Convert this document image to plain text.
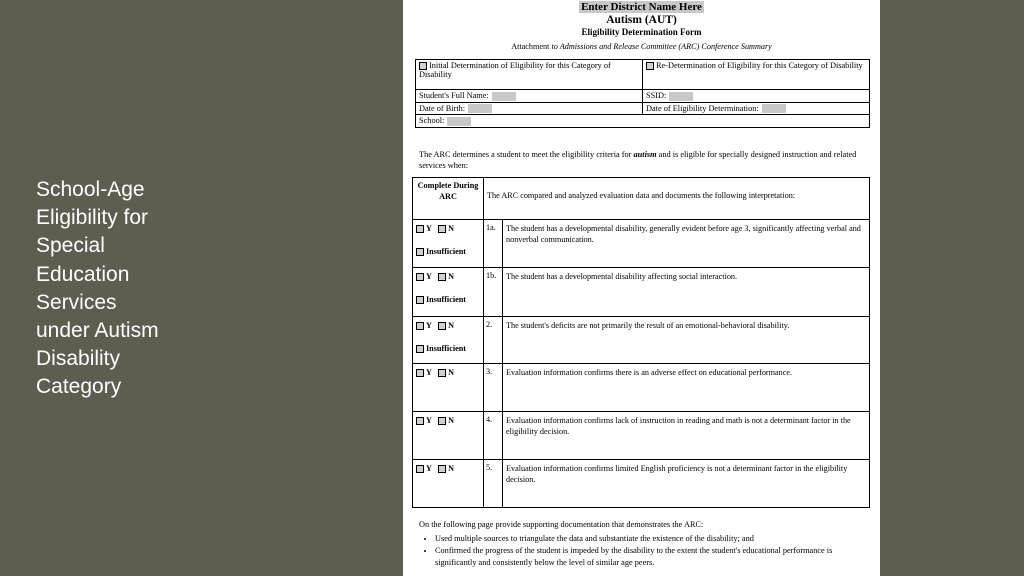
School-Age
Eligibility for
Special
Education
Services
under Autism
Disability
Category
Enter District Name Here
Autism (AUT)
Eligibility Determination Form
Attachment to Admissions and Release Committee (ARC) Conference Summary
Initial Determination of Eligibility for this Category of Disability	Re-Determination of Eligibility for this Category of Disability
Student's Full Name:	SSID:
Date of Birth:	Date of Eligibility Determination:
School:	
The ARC determines a student to meet the eligibility criteria for autism and is eligible for specially designed instruction and related services when:
Complete During ARC	The ARC compared and analyzed evaluation data and documents the following interpretation:	

Y N
Insufficient	1a.	The student has a developmental disability, generally evident before age 3, significantly affecting verbal and nonverbal communication.

Y N
Insufficient	1b.	The student has a developmental disability affecting social interaction.

Y N
Insufficient	2.	The student's deficits are not primarily the result of an emotional-behavioral disability.

Y N	3.	Evaluation information confirms there is an adverse effect on educational performance.

Y N	4.	Evaluation information confirms lack of instruction in reading and math is not a determinant factor in the eligibility decision.

Y N	5.	Evaluation information confirms limited English proficiency is not a determinant factor in the eligibility decision.
On the following page provide supporting documentation that demonstrates the ARC:
• Used multiple sources to triangulate the data and substantiate the existence of the disability; and
• Confirmed the progress of the student is impeded by the disability to the extent the student's educational performance is significantly and consistently below the level of similar age peers.
